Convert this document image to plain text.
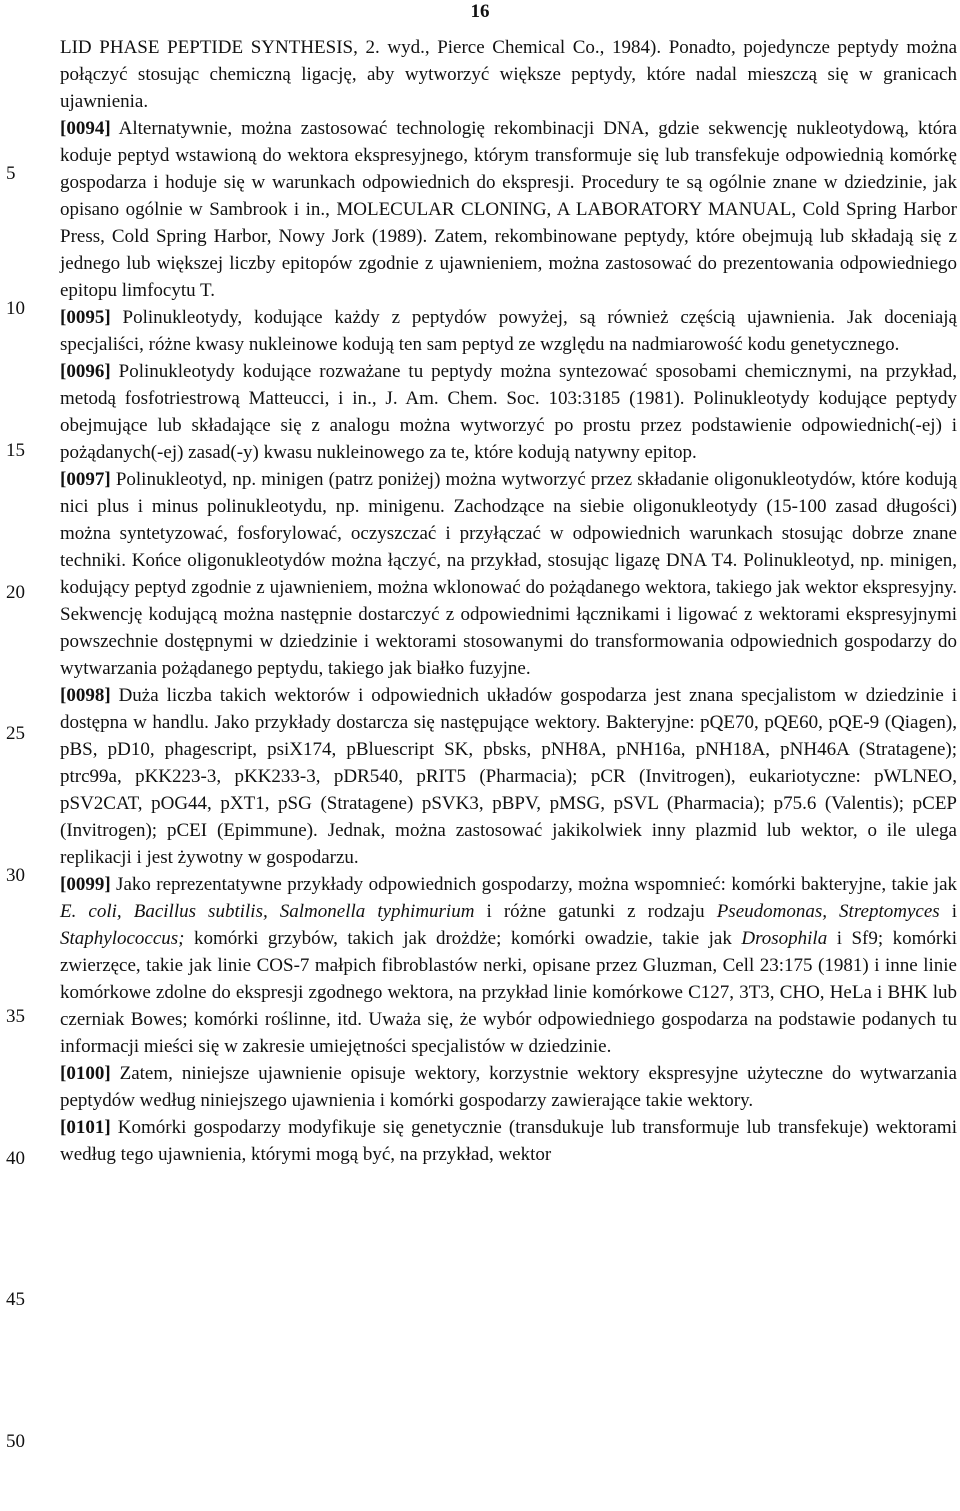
16
5
10
15
20
25
30
35
40
45
50

LID PHASE PEPTIDE SYNTHESIS, 2. wyd., Pierce Chemical Co., 1984). Ponadto, pojedyncze peptydy można połączyć stosując chemiczną ligację, aby wytworzyć większe peptydy, które nadal mieszczą się w granicach ujawnienia.

[0094] Alternatywnie, można zastosować technologię rekombinacji DNA, gdzie sekwencję nukleotydową, która koduje peptyd wstawioną do wektora ekspresyjnego, którym transformuje się lub transfekuje odpowiednią komórkę gospodarza i hoduje się w warunkach odpowiednich do ekspresji. Procedury te są ogólnie znane w dziedzinie, jak opisano ogólnie w Sambrook i in., MOLECULAR CLONING, A LABORATORY MANUAL, Cold Spring Harbor Press, Cold Spring Harbor, Nowy Jork (1989). Zatem, rekombinowane peptydy, które obejmują lub składają się z jednego lub większej liczby epitopów zgodnie z ujawnieniem, można zastosować do prezentowania odpowiedniego epitopu limfocytu T.

[0095] Polinukleotydy, kodujące każdy z peptydów powyżej, są również częścią ujawnienia. Jak doceniają specjaliści, różne kwasy nukleinowe kodują ten sam peptyd ze względu na nadmiarowość kodu genetycznego.

[0096] Polinukleotydy kodujące rozważane tu peptydy można syntezować sposobami chemicznymi, na przykład, metodą fosfotriestrową Matteucci, i in., J. Am. Chem. Soc. 103:3185 (1981). Polinukleotydy kodujące peptydy obejmujące lub składające się z analogu można wytworzyć po prostu przez podstawienie odpowiednich(-ej) i pożądanych(-ej) zasad(-y) kwasu nukleinowego za te, które kodują natywny epitop.

[0097] Polinukleotyd, np. minigen (patrz poniżej) można wytworzyć przez składanie oligonukleotydów, które kodują nici plus i minus polinukleotydu, np. minigenu. Zachodzące na siebie oligonukleotydy (15-100 zasad długości) można syntetyzować, fosforylować, oczyszczać i przyłączać w odpowiednich warunkach stosując dobrze znane techniki. Końce oligonukleotydów można łączyć, na przykład, stosując ligazę DNA T4. Polinukleotyd, np. minigen, kodujący peptyd zgodnie z ujawnieniem, można wklonować do pożądanego wektora, takiego jak wektor ekspresyjny. Sekwencję kodującą można następnie dostarczyć z odpowiednimi łącznikami i ligować z wektorami ekspresyjnymi powszechnie dostępnymi w dziedzinie i wektorami stosowanymi do transformowania odpowiednich gospodarzy do wytwarzania pożądanego peptydu, takiego jak białko fuzyjne.

[0098] Duża liczba takich wektorów i odpowiednich układów gospodarza jest znana specjalistom w dziedzinie i dostępna w handlu. Jako przykłady dostarcza się następujące wektory. Bakteryjne: pQE70, pQE60, pQE-9 (Qiagen), pBS, pD10, phagescript, psiX174, pBluescript SK, pbsks, pNH8A, pNH16a, pNH18A, pNH46A (Stratagene); ptrc99a, pKK223-3, pKK233-3, pDR540, pRIT5 (Pharmacia); pCR (Invitrogen), eukariotyczne: pWLNEO, pSV2CAT, pOG44, pXT1, pSG (Stratagene) pSVK3, pBPV, pMSG, pSVL (Pharmacia); p75.6 (Valentis); pCEP (Invitrogen); pCEI (Epimmune). Jednak, można zastosować jakikolwiek inny plazmid lub wektor, o ile ulega replikacji i jest żywotny w gospodarzu.

[0099] Jako reprezentatywne przykłady odpowiednich gospodarzy, można wspomnieć: komórki bakteryjne, takie jak E. coli, Bacillus subtilis, Salmonella typhimurium i różne gatunki z rodzaju Pseudomonas, Streptomyces i Staphylococcus; komórki grzybów, takich jak drożdże; komórki owadzie, takie jak Drosophila i Sf9; komórki zwierzęce, takie jak linie COS-7 małpich fibroblastów nerki, opisane przez Gluzman, Cell 23:175 (1981) i inne linie komórkowe zdolne do ekspresji zgodnego wektora, na przykład linie komórkowe C127, 3T3, CHO, HeLa i BHK lub czerniak Bowes; komórki roślinne, itd. Uważa się, że wybór odpowiedniego gospodarza na podstawie podanych tu informacji mieści się w zakresie umiejętności specjalistów w dziedzinie.

[0100] Zatem, niniejsze ujawnienie opisuje wektory, korzystnie wektory ekspresyjne użyteczne do wytwarzania peptydów według niniejszego ujawnienia i komórki gospodarzy zawierające takie wektory.

[0101] Komórki gospodarzy modyfikuje się genetycznie (transdukuje lub transformuje lub transfekuje) wektorami według tego ujawnienia, którymi mogą być, na przykład, wektor
